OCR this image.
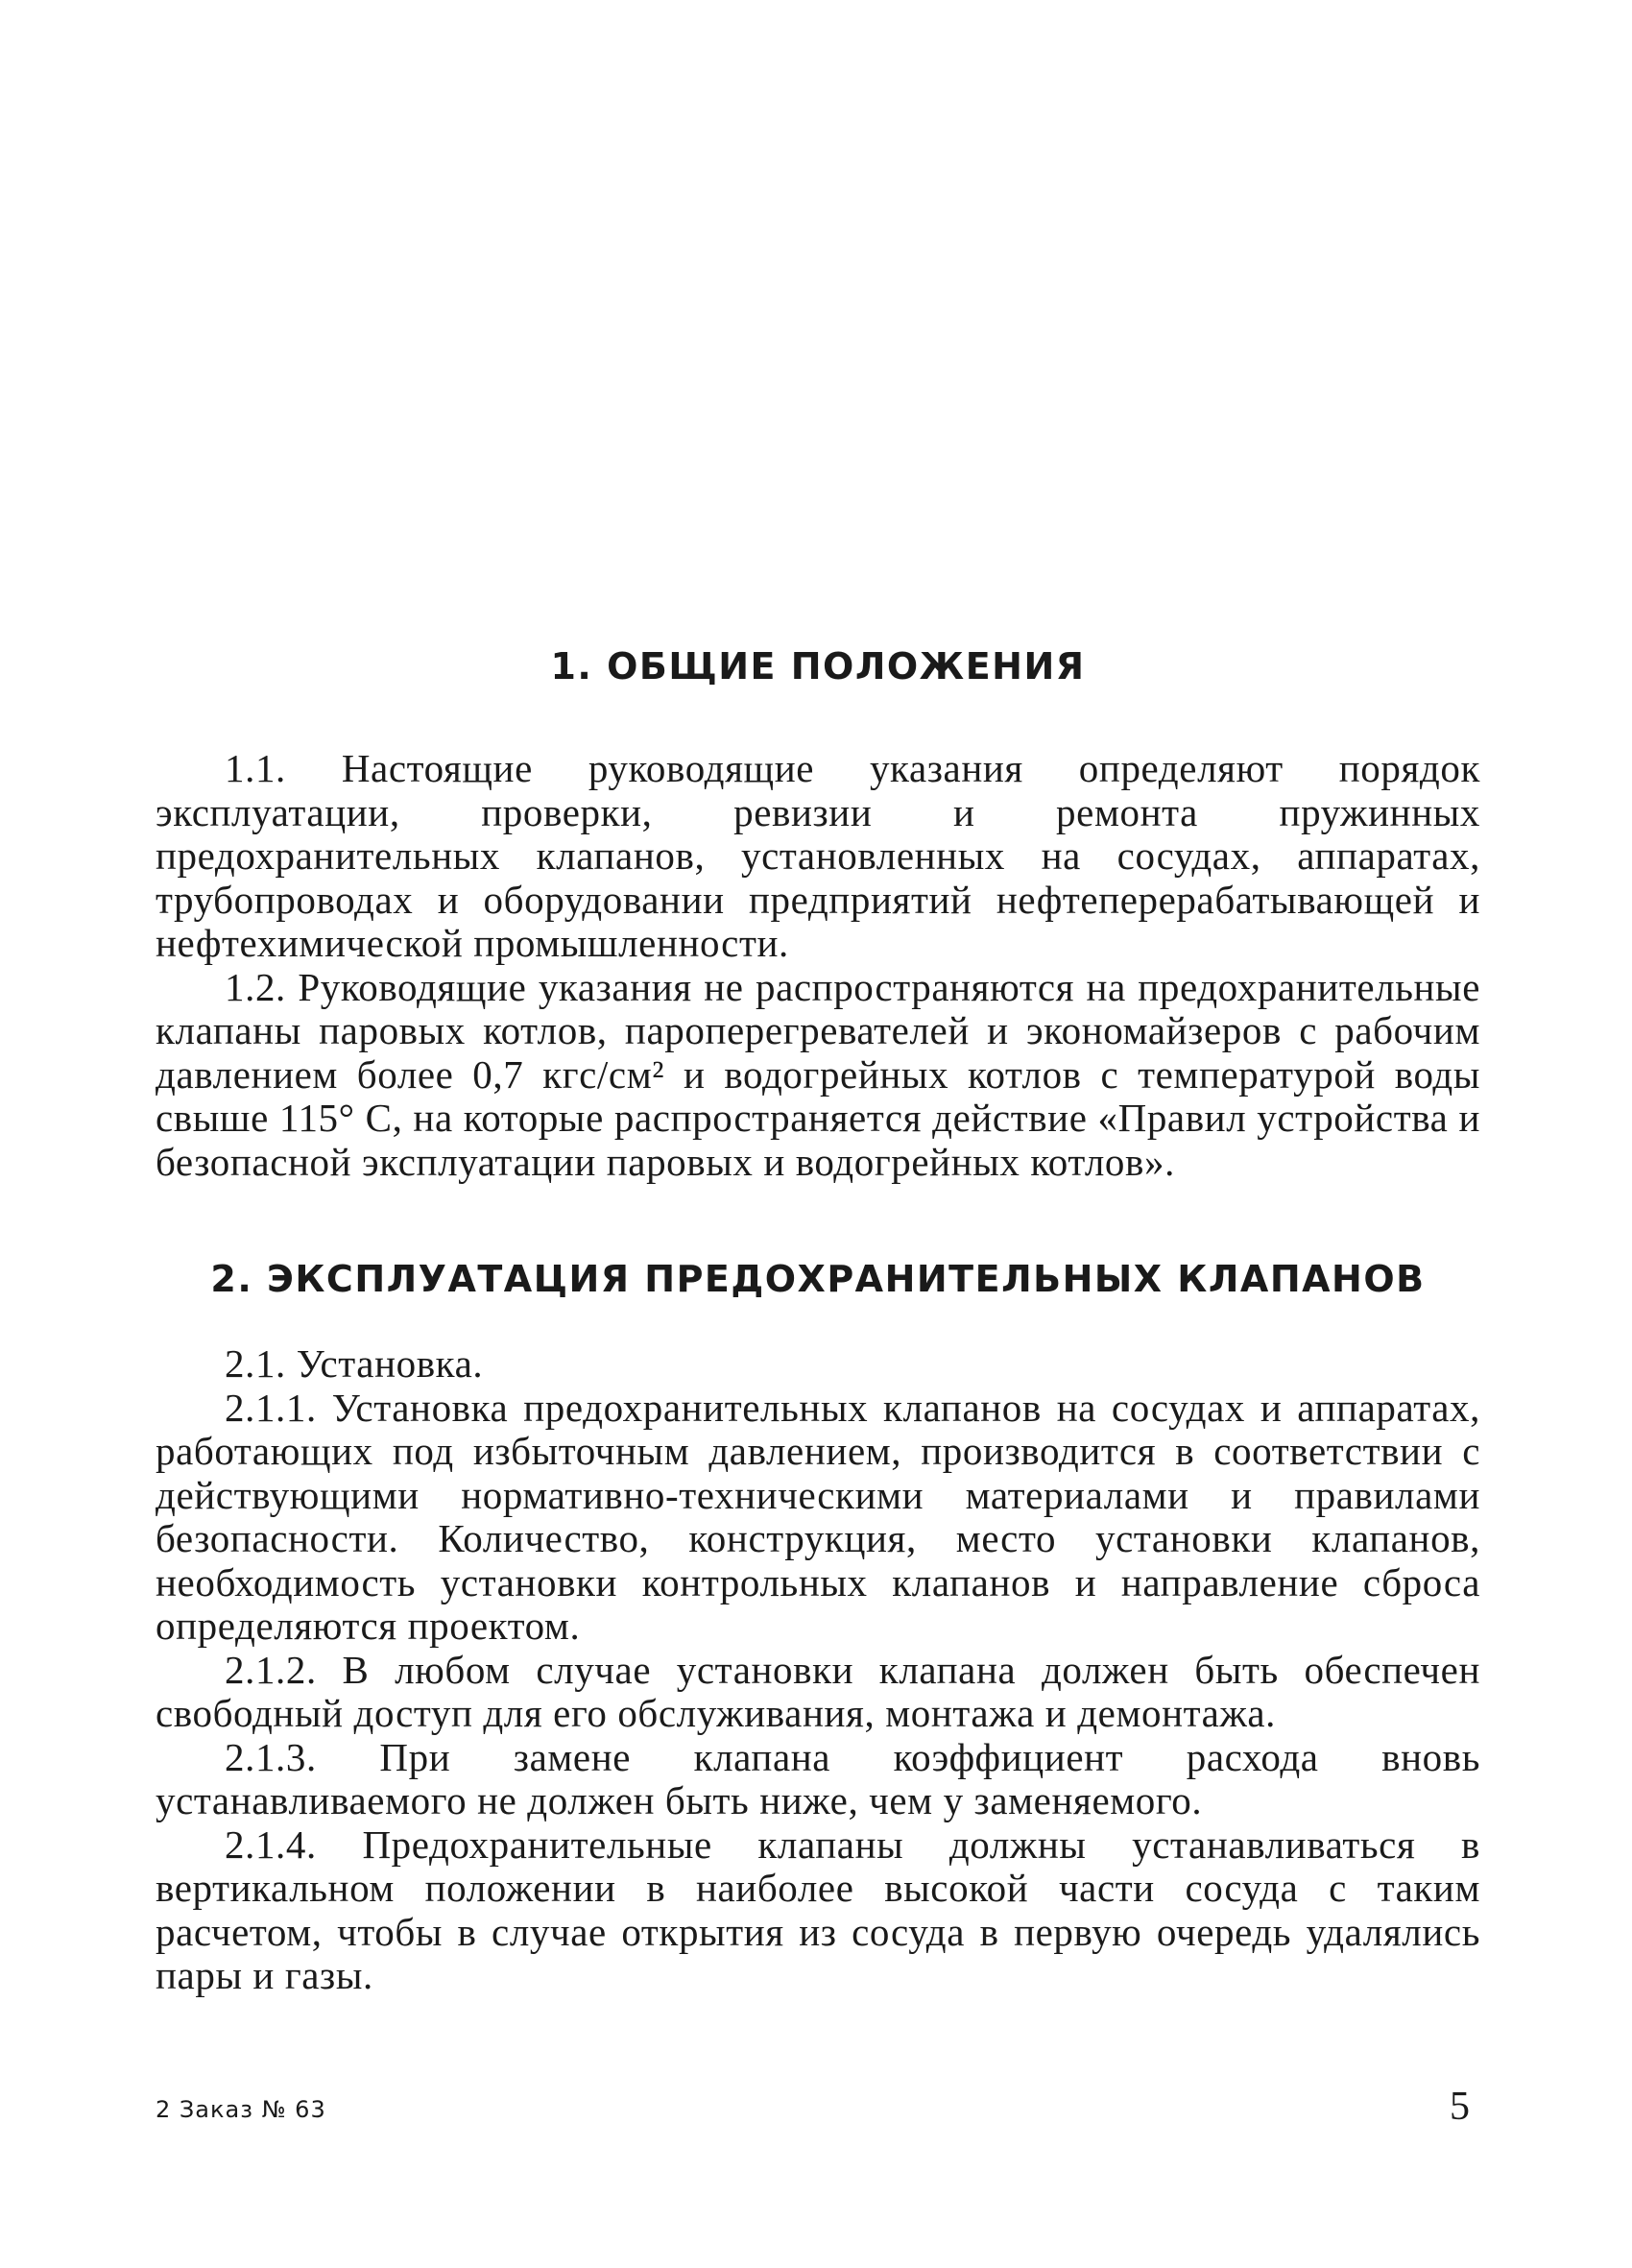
1. ОБЩИЕ ПОЛОЖЕНИЯ

1.1. Настоящие руководящие указания определяют порядок эксплуатации, проверки, ревизии и ремонта пружинных предохранительных клапанов, установленных на сосудах, аппаратах, трубопроводах и оборудовании предприятий нефтеперерабатывающей и нефтехимической промышленности.

1.2. Руководящие указания не распространяются на предохранительные клапаны паровых котлов, пароперегревателей и экономайзеров с рабочим давлением более 0,7 кгс/см² и водогрейных котлов с температурой воды свыше 115° С, на которые распространяется действие «Правил устройства и безопасной эксплуатации паровых и водогрейных котлов».

2. ЭКСПЛУАТАЦИЯ ПРЕДОХРАНИТЕЛЬНЫХ КЛАПАНОВ

2.1. Установка.

2.1.1. Установка предохранительных клапанов на сосудах и аппаратах, работающих под избыточным давлением, производится в соответствии с действующими нормативно-техническими материалами и правилами безопасности. Количество, конструкция, место установки клапанов, необходимость установки контрольных клапанов и направление сброса определяются проектом.

2.1.2. В любом случае установки клапана должен быть обеспечен свободный доступ для его обслуживания, монтажа и демонтажа.

2.1.3. При замене клапана коэффициент расхода вновь устанавливаемого не должен быть ниже, чем у заменяемого.

2.1.4. Предохранительные клапаны должны устанавливаться в вертикальном положении в наиболее высокой части сосуда с таким расчетом, чтобы в случае открытия из сосуда в первую очередь удалялись пары и газы.

2 Заказ № 63	5
